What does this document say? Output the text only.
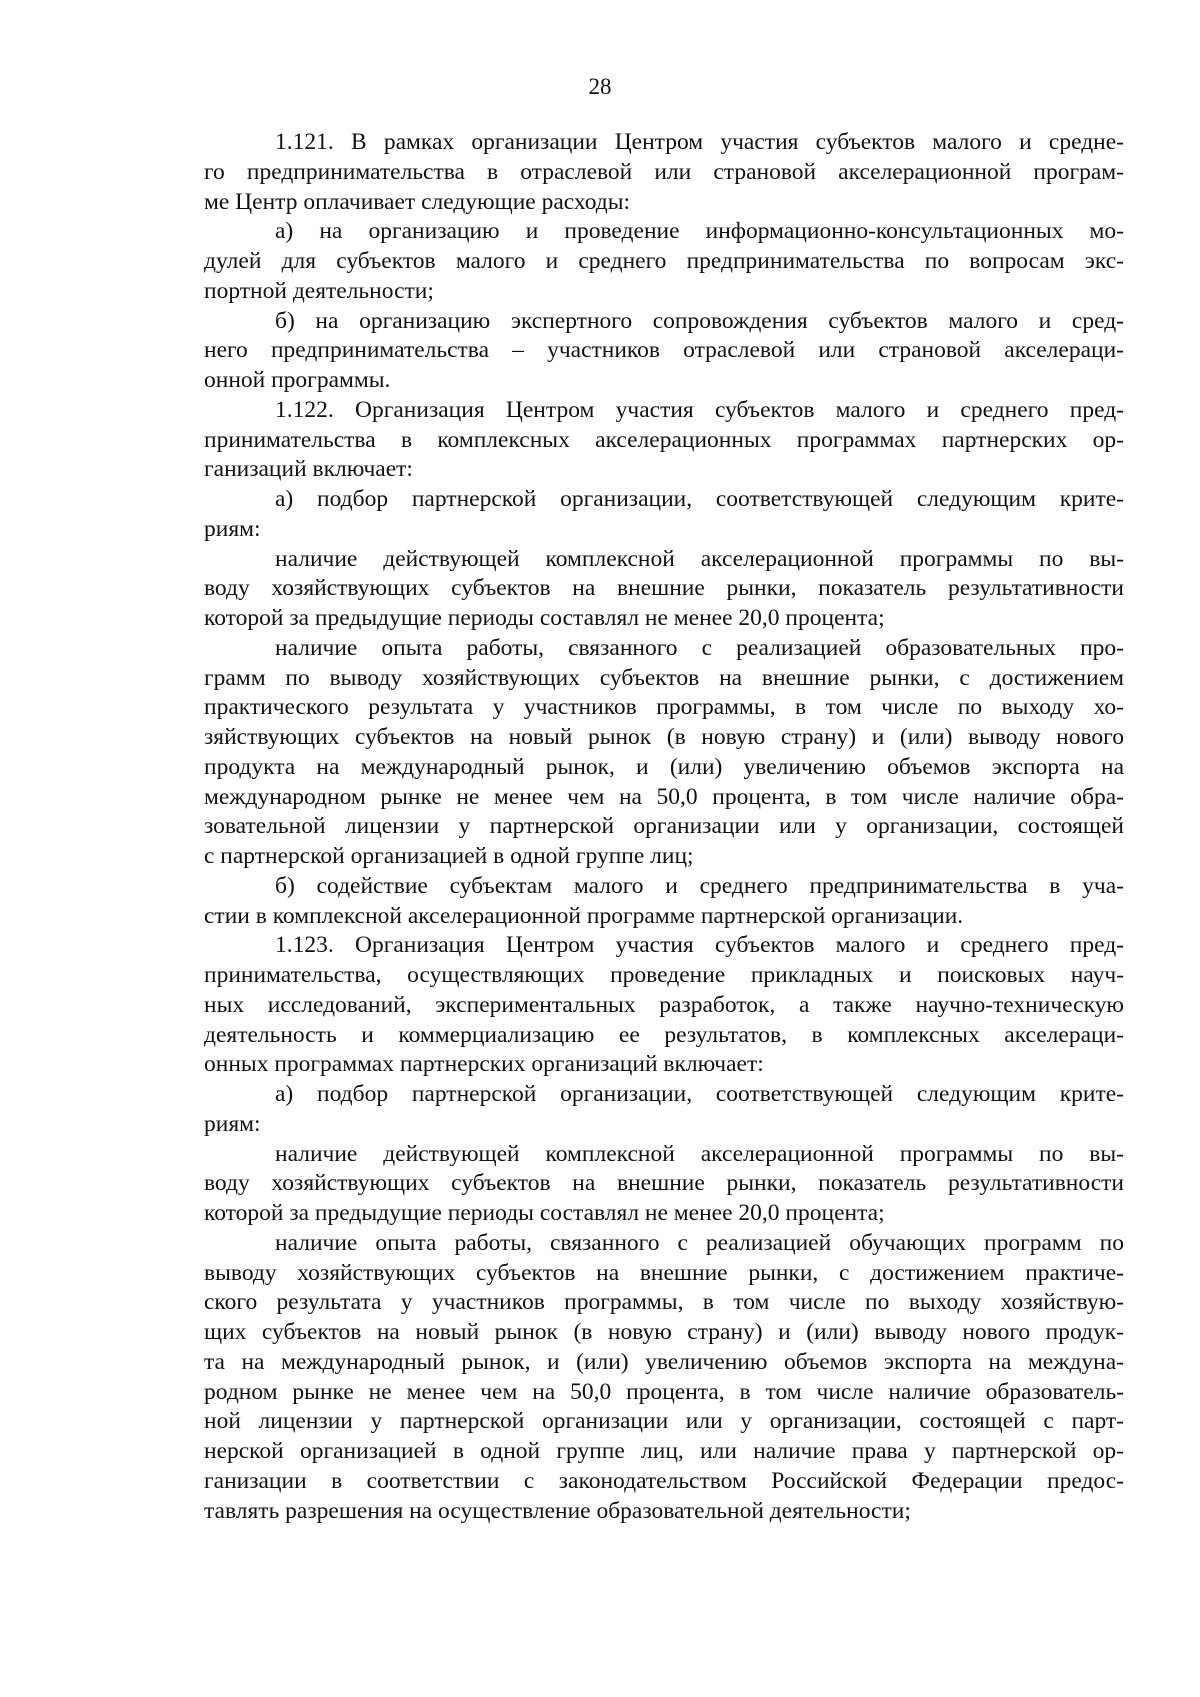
28
1.121. В рамках организации Центром участия субъектов малого и средне-
го предпринимательства в отраслевой или страновой акселерационной програм-
ме Центр оплачивает следующие расходы:
а) на организацию и проведение информационно-консультационных мо-
дулей для субъектов малого и среднего предпринимательства по вопросам экс-
портной деятельности;
б) на организацию экспертного сопровождения субъектов малого и сред-
него предпринимательства – участников отраслевой или страновой акселераци-
онной программы.
1.122. Организация Центром участия субъектов малого и среднего пред-
принимательства в комплексных акселерационных программах партнерских ор-
ганизаций включает:
а) подбор партнерской организации, соответствующей следующим крите-
риям:
наличие действующей комплексной акселерационной программы по вы-
воду хозяйствующих субъектов на внешние рынки, показатель результативности
которой за предыдущие периоды составлял не менее 20,0 процента;
наличие опыта работы, связанного с реализацией образовательных про-
грамм по выводу хозяйствующих субъектов на внешние рынки, с достижением
практического результата у участников программы, в том числе по выходу хо-
зяйствующих субъектов на новый рынок (в новую страну) и (или) выводу нового
продукта на международный рынок, и (или) увеличению объемов экспорта на
международном рынке не менее чем на 50,0 процента, в том числе наличие обра-
зовательной лицензии у партнерской организации или у организации, состоящей
с партнерской организацией в одной группе лиц;
б) содействие субъектам малого и среднего предпринимательства в уча-
стии в комплексной акселерационной программе партнерской организации.
1.123. Организация Центром участия субъектов малого и среднего пред-
принимательства, осуществляющих проведение прикладных и поисковых науч-
ных исследований, экспериментальных разработок, а также научно-техническую
деятельность и коммерциализацию ее результатов, в комплексных акселераци-
онных программах партнерских организаций включает:
а) подбор партнерской организации, соответствующей следующим крите-
риям:
наличие действующей комплексной акселерационной программы по вы-
воду хозяйствующих субъектов на внешние рынки, показатель результативности
которой за предыдущие периоды составлял не менее 20,0 процента;
наличие опыта работы, связанного с реализацией обучающих программ по
выводу хозяйствующих субъектов на внешние рынки, с достижением практиче-
ского результата у участников программы, в том числе по выходу хозяйствую-
щих субъектов на новый рынок (в новую страну) и (или) выводу нового продук-
та на международный рынок, и (или) увеличению объемов экспорта на междуна-
родном рынке не менее чем на 50,0 процента, в том числе наличие образователь-
ной лицензии у партнерской организации или у организации, состоящей с парт-
нерской организацией в одной группе лиц, или наличие права у партнерской ор-
ганизации в соответствии с законодательством Российской Федерации предос-
тавлять разрешения на осуществление образовательной деятельности;
